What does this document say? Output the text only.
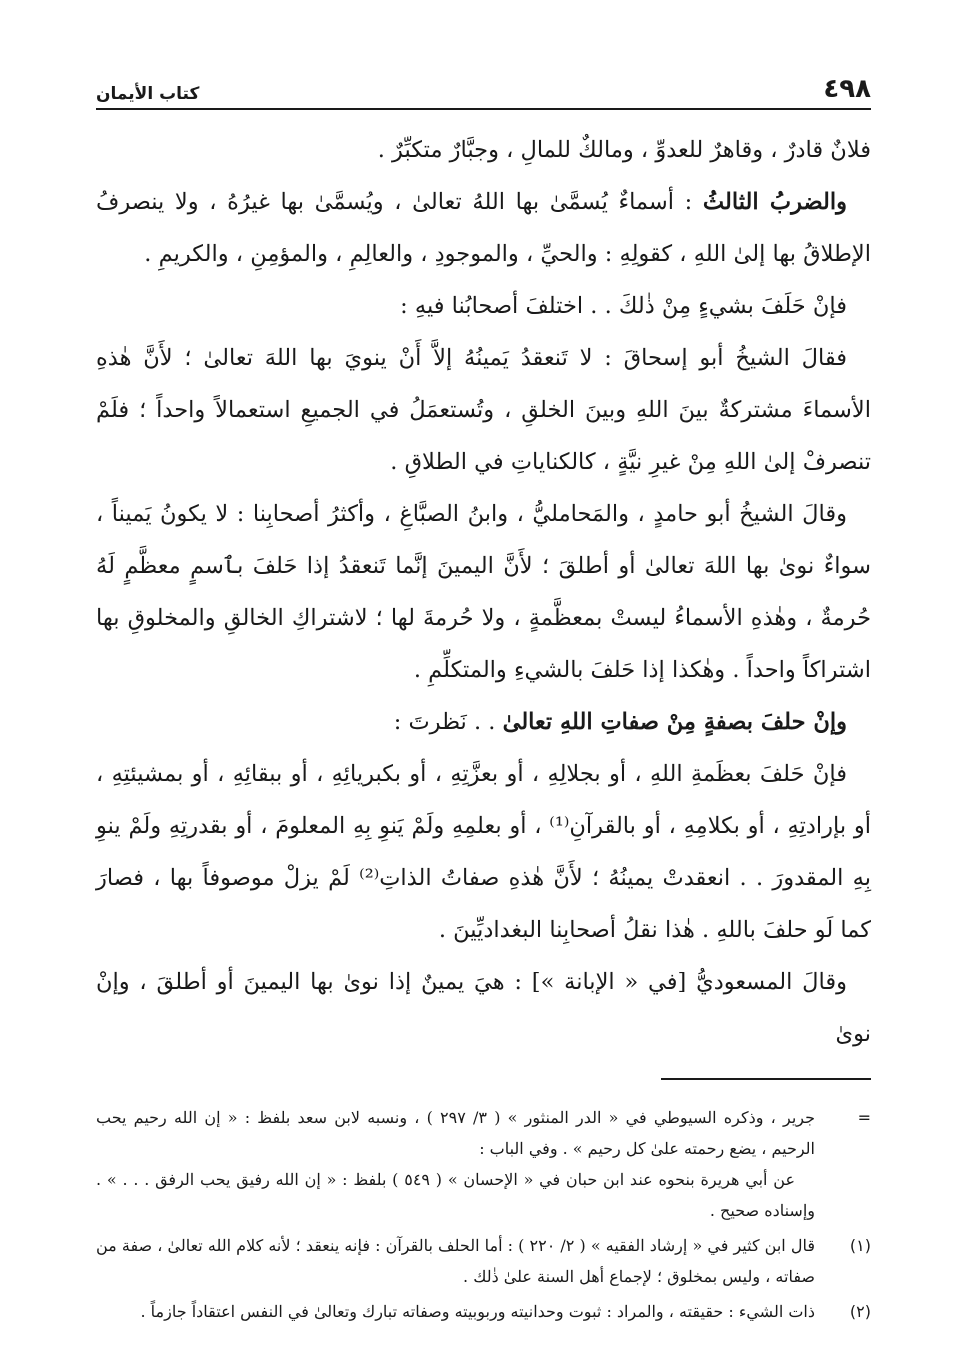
٤٩٨
كتاب الأيمان

فلانٌ قادرٌ ، وقاهرٌ للعدوِّ ، ومالكٌ للمالِ ، وجبَّارٌ متكبِّرٌ .

والضربُ الثالثُ : أسماءٌ يُسمَّىٰ بها اللهُ تعالىٰ ، ويُسمَّىٰ بها غيرُهُ ، ولا ينصرفُ الإطلاقُ بها إلىٰ اللهِ ، كقولِهِ : والحيِّ ، والموجودِ ، والعالِمِ ، والمؤمِنِ ، والكريمِ .

فإنْ حَلَفَ بشيءٍ مِنْ ذٰلكَ . . اختلفَ أصحابُنا فيهِ :

فقالَ الشيخُ أبو إسحاقَ : لا تَنعقدُ يَمينُهُ إلاَّ أَنْ ينويَ بها اللهَ تعالىٰ ؛ لأَنَّ هٰذهِ الأسماءَ مشتركةٌ بينَ اللهِ وبينَ الخلقِ ، وتُستعمَلُ في الجميعِ استعمالاً واحداً ؛ فلَمْ تنصرفْ إلىٰ اللهِ مِنْ غيرِ نيَّةٍ ، كالكناياتِ في الطلاقِ .

وقالَ الشيخُ أبو حامدٍ ، والمَحامليُّ ، وابنُ الصبَّاغِ ، وأكثرُ أصحابِنا : لا يكونُ يَميناً ، سواءٌ نوىٰ بها اللهَ تعالىٰ أو أطلقَ ؛ لأَنَّ اليمينَ إنَّما تَنعقدُ إذا حَلفَ بٱسمٍ معظَّمٍ لَهُ حُرمةٌ ، وهٰذهِ الأسماءُ ليستْ بمعظَّمةٍ ، ولا حُرمةَ لها ؛ لاشتراكِ الخالقِ والمخلوقِ بها اشتراكاً واحداً . وهٰكذا إذا حَلفَ بالشيءِ والمتكلِّمِ .

وإنْ حلفَ بصفةٍ مِنْ صفاتِ اللهِ تعالىٰ . . نَظرتَ :

فإنْ حَلفَ بعظَمةِ اللهِ ، أو بجلالِهِ ، أو بعزَّتِهِ ، أو بكبريائِهِ ، أو ببقائِهِ ، أو بمشيئتِهِ ، أو بإرادتِهِ ، أو بكلامِهِ ، أو بالقرآنِ⁽¹⁾ ، أو بعلمِهِ ولَمْ يَنوِ بِهِ المعلومَ ، أو بقدرتِهِ ولَمْ ينوِ بِهِ المقدورَ . . انعقدتْ يمينُهُ ؛ لأَنَّ هٰذهِ صفاتُ الذاتِ⁽²⁾ لَمْ يزلْ موصوفاً بها ، فصارَ كما لَو حلفَ باللهِ . هٰذا نقلُ أصحابِنا البغداديِّينَ .

وقالَ المسعوديُّ [في « الإبانة »] : هيَ يمينٌ إذا نوىٰ بها اليمينَ أو أطلقَ ، وإنْ نوىٰ

=

جرير ، وذكره السيوطي في « الدر المنثور » ( ٣/ ٢٩٧ ) ، ونسبه لابن سعد بلفظ : « إن الله رحيم يحب الرحيم ، يضع رحمته علىٰ كل رحيم » . وفي الباب :

عن أبي هريرة بنحوه عند ابن حبان في « الإحسان » ( ٥٤٩ ) بلفظ : « إن الله رفيق يحب الرفق . . . » . وإسناده صحيح .

(١)

قال ابن كثير في « إرشاد الفقيه » ( ٢/ ٢٢٠ ) : أما الحلف بالقرآن : فإنه ينعقد ؛ لأنه كلام الله تعالىٰ ، صفة من صفاته ، وليس بمخلوق ؛ لإجماع أهل السنة علىٰ ذٰلك .

(٢)

ذات الشيء : حقيقته ، والمراد : ثبوت وحدانيته وربوبيته وصفاته تبارك وتعالىٰ في النفس اعتقاداً جازماً .
